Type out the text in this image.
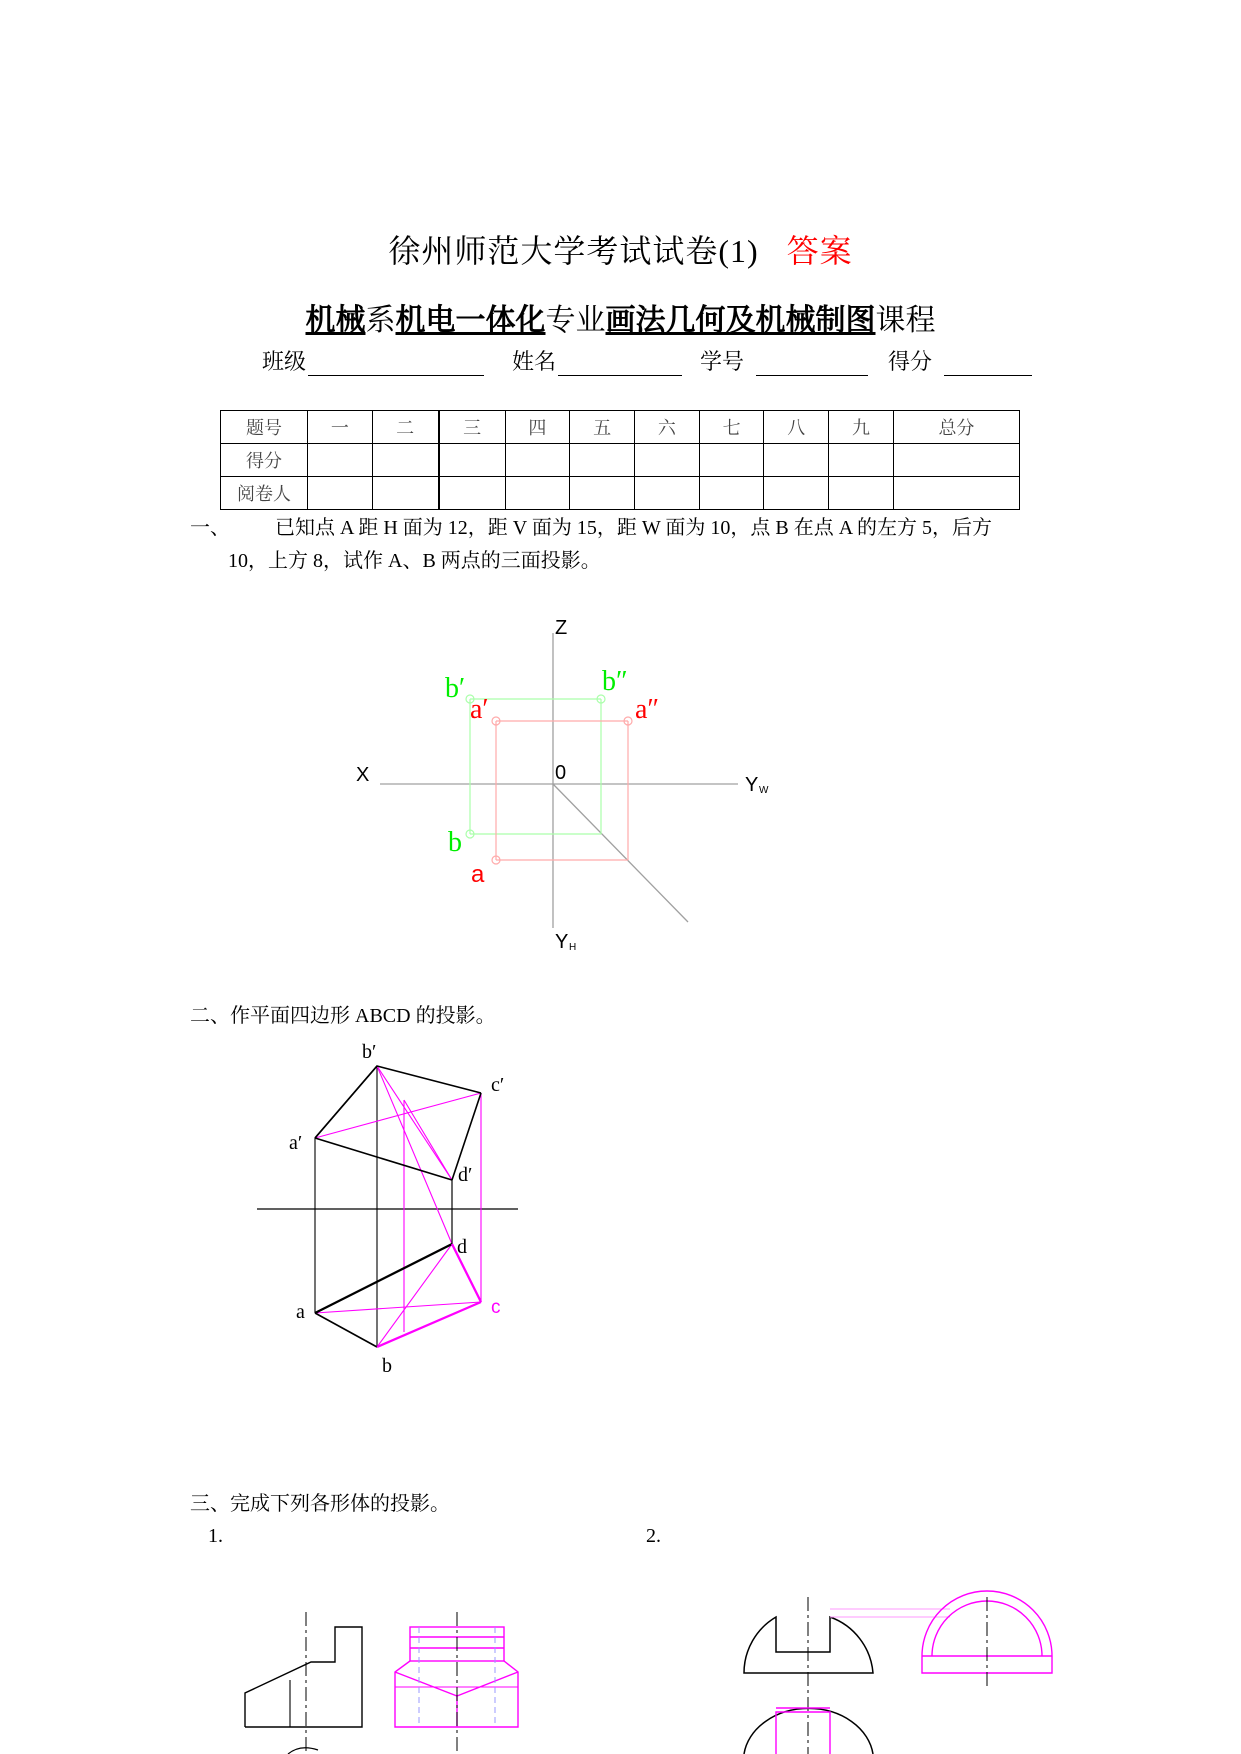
徐州师范大学考试试卷(1) 答案
机械系机电一体化专业画法几何及机械制图课程
班级	姓名	学号	得分
题号	一	二	三	四	五	六	七	八	九	总分
得分										
阅卷人										
一、 已知点 A 距 H 面为 12，距 V 面为 15，距 W 面为 10，点 B 在点 A 的左方 5，后方
10，上方 8，试作 A、B 两点的三面投影。
Z
X	0
Y W
Y H
b′	b″
a′	a″
b
a
二、作平面四边形 ABCD 的投影。
b′
c′
a′
d′
d
a	c
b
三、完成下列各形体的投影。
1.	2.
